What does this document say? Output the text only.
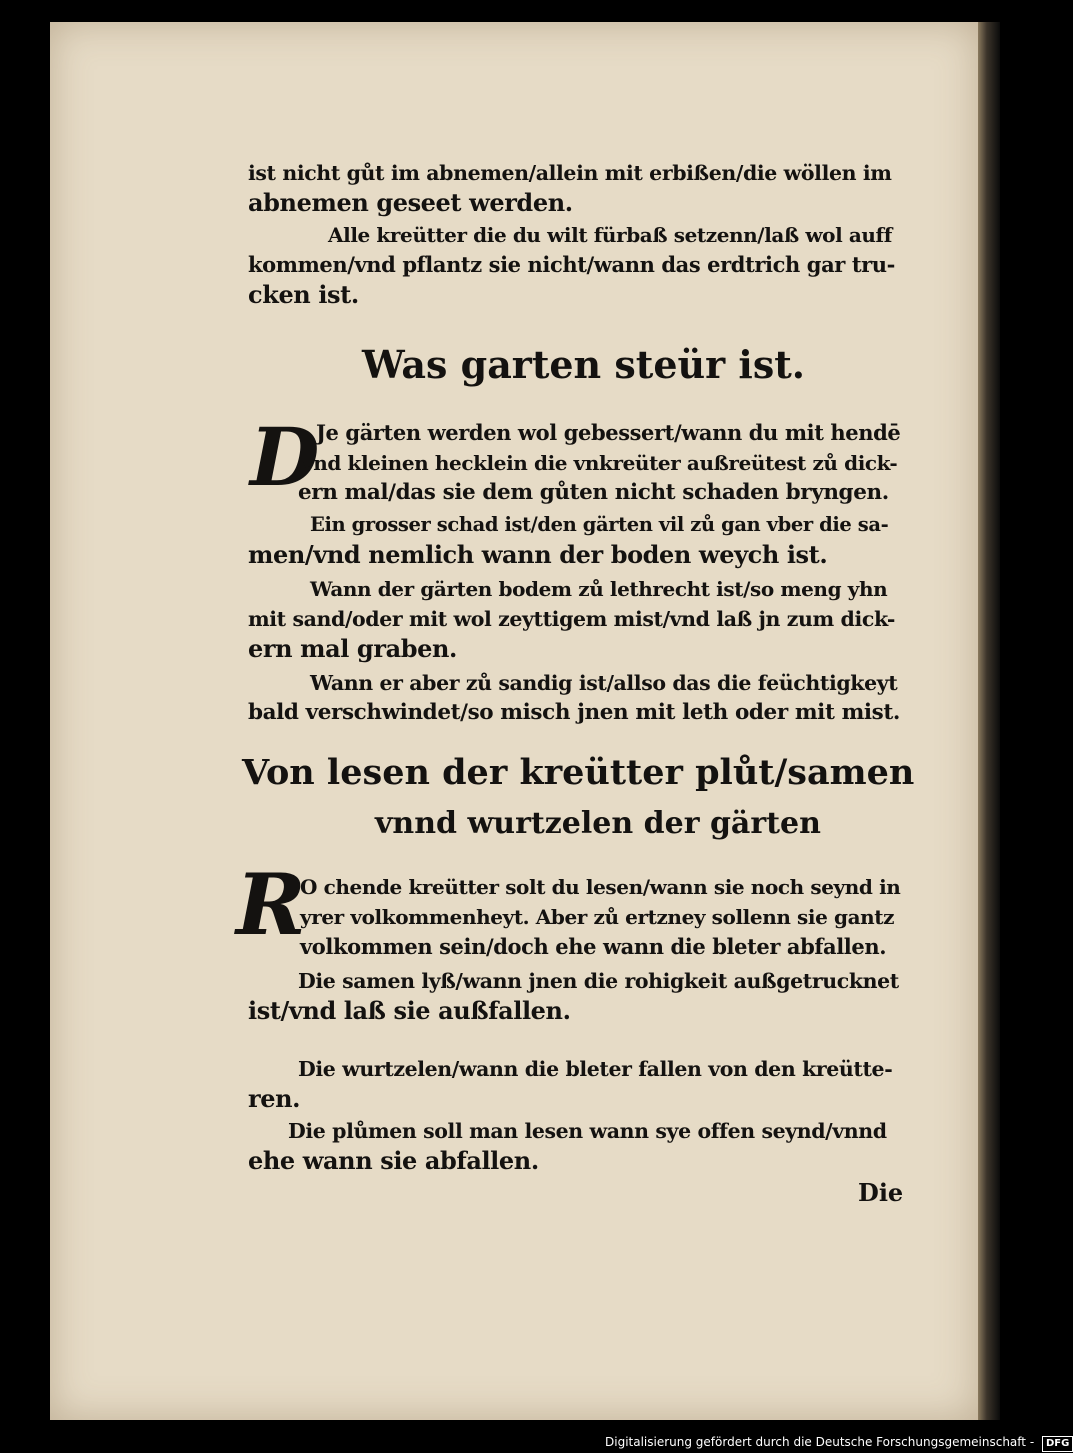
ist nicht gůt im abnemen/allein mit erbißen/die wöllen im
abnemen geseet werden.
Alle kreütter die du wilt fürbaß setzenn/laß wol auff
kommen/vnd pflantz sie nicht/wann das erdtrich gar tru-
cken ist.
Was garten steür ist.
D
Je gärten werden wol gebessert/wann du mit hendē
vnd kleinen hecklein die vnkreüter außreütest zů dick-
ern mal/das sie dem gůten nicht schaden bryngen.
Ein grosser schad ist/den gärten vil zů gan vber die sa-
men/vnd nemlich wann der boden weych ist.
Wann der gärten bodem zů lethrecht ist/so meng yhn
mit sand/oder mit wol zeyttigem mist/vnd laß jn zum dick-
ern mal graben.
Wann er aber zů sandig ist/allso das die feüchtigkeyt
bald verschwindet/so misch jnen mit leth oder mit mist.
Von lesen der kreütter plůt/samen
vnnd wurtzelen der gärten
R
O chende kreütter solt du lesen/wann sie noch seynd in
yrer volkommenheyt. Aber zů ertzney sollenn sie gantz
volkommen sein/doch ehe wann die bleter abfallen.
Die samen lyß/wann jnen die rohigkeit außgetrucknet
ist/vnd laß sie außfallen.
Die wurtzelen/wann die bleter fallen von den kreütte-
ren.
Die plůmen soll man lesen wann sye offen seynd/vnnd
ehe wann sie abfallen.
Die
Digitalisierung gefördert durch die Deutsche Forschungsgemeinschaft - DFG
